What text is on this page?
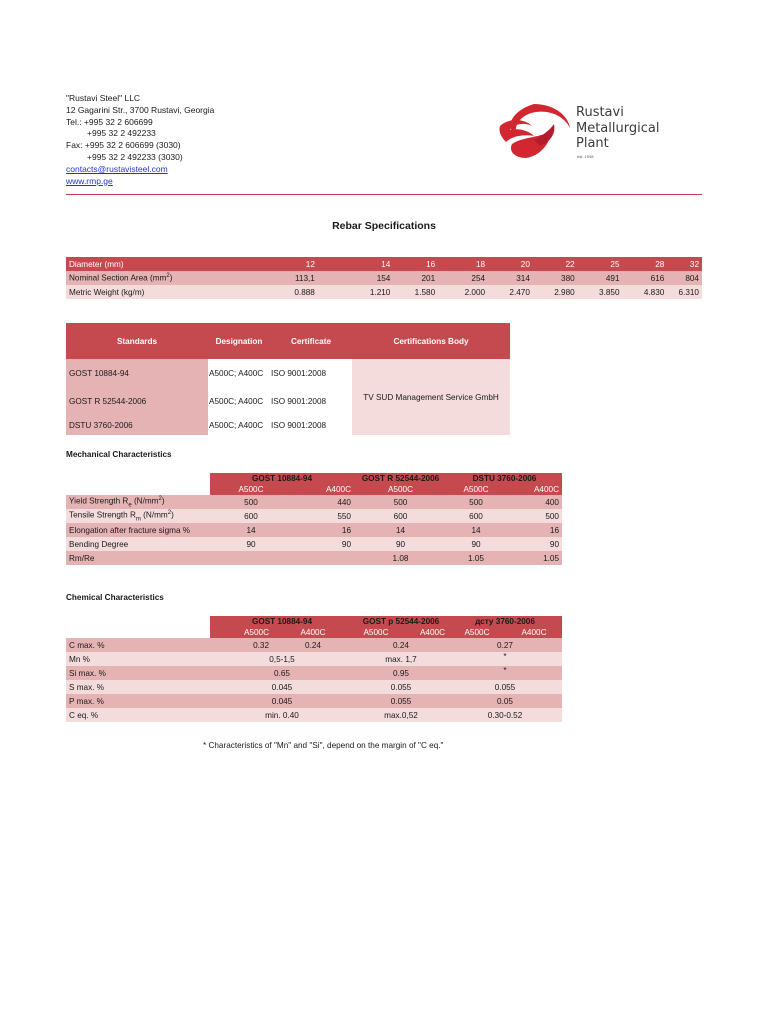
"Rustavi Steel" LLC
12 Gagarini Str., 3700 Rustavi, Georgia
Tel.: +995 32 2 606699
+995 32 2 492233
Fax: +995 32 2 606699 (3030)
+995 32 2 492233 (3030)
contacts@rustavisteel.com
www.rmp.ge
Rustavi
Metallurgical
Plant
est. 1948
Rebar Specifications
Diameter (mm)	12	14	16	18	20	22	25	28	32
Nominal Section Area $(mm^2)$	113,1	154	201	254	314	380	491	616	804
Metric Weight (kg/m)	0.888	1.210	1.580	2.000	2.470	2.980	3.850	4.830	6.310
Standards	Designation	Certificate	Certifications Body
GOST 10884-94	A500C; A400C	ISO 9001:2008	TV SUD Management Service GmbH
GOST R 52544-2006	A500C; A400C	ISO 9001:2008	
DSTU 3760-2006	A500C; A400C	ISO 9001:2008	
Mechanical Characteristics
	GOST 10884-94		GOST R 52544-2006	DSTU 3760-2006	
	A500C	A400C	A500C	A500C	A400C
Yield Strength $R_e$ $(N/mm^2)$	500	440	500	500	400
Tensile Strength $R_m$ $(N/mm^2)$	600	550	600	600	500
Elongation after fracture sigma %	14	16	14	14	16
Bending Degree	90	90	90	90	90
Rm/Re			1.08	1.05	1.05
Chemical Characteristics
	GOST 10884-94		GOST p 52544-2006		дсту 3760-2006	
	A500C	A400C	A500C	A400C	A500C	A400C
C max. %	0.32	0.24	0.24		0.27	
Mn %	0,5-1,5		max. 1,7		*	
Si max. %	0.65		0.95		*	
S max. %	0.045		0.055		0.055	
P max. %	0.045		0.055		0.05	
C eq. %	min. 0.40		max.0,52		0.30-0.52	
* Characteristics of "Mn" and "Si", depend on the margin of "C eq."
